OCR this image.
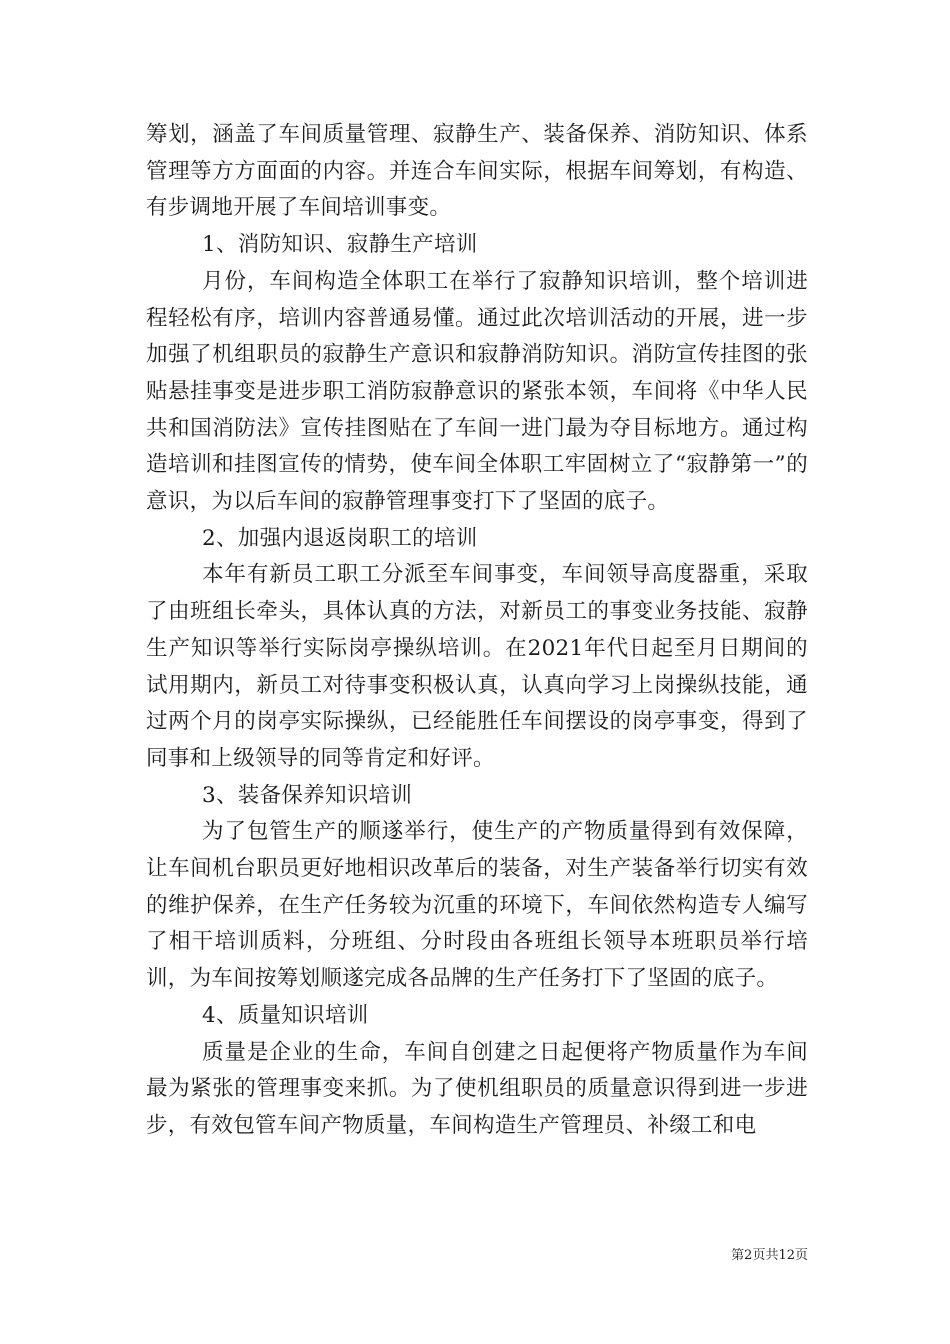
筹划，涵盖了车间质量管理、寂静生产、装备保养、消防知识、体系管理等方方面面的内容。并连合车间实际，根据车间筹划，有构造、有步调地开展了车间培训事变。

1、消防知识、寂静生产培训

月份，车间构造全体职工在举行了寂静知识培训，整个培训进程轻松有序，培训内容普通易懂。通过此次培训活动的开展，进一步加强了机组职员的寂静生产意识和寂静消防知识。消防宣传挂图的张贴悬挂事变是进步职工消防寂静意识的紧张本领，车间将《中华人民共和国消防法》宣传挂图贴在了车间一进门最为夺目标地方。通过构造培训和挂图宣传的情势，使车间全体职工牢固树立了“寂静第一”的意识，为以后车间的寂静管理事变打下了坚固的底子。

2、加强内退返岗职工的培训

本年有新员工职工分派至车间事变，车间领导高度器重，采取了由班组长牵头，具体认真的方法，对新员工的事变业务技能、寂静生产知识等举行实际岗亭操纵培训。在2021年代日起至月日期间的试用期内，新员工对待事变积极认真，认真向学习上岗操纵技能，通过两个月的岗亭实际操纵，已经能胜任车间摆设的岗亭事变，得到了同事和上级领导的同等肯定和好评。

3、装备保养知识培训

为了包管生产的顺遂举行，使生产的产物质量得到有效保障，让车间机台职员更好地相识改革后的装备，对生产装备举行切实有效的维护保养，在生产任务较为沉重的环境下，车间依然构造专人编写了相干培训质料，分班组、分时段由各班组长领导本班职员举行培训，为车间按筹划顺遂完成各品牌的生产任务打下了坚固的底子。

4、质量知识培训

质量是企业的生命，车间自创建之日起便将产物质量作为车间最为紧张的管理事变来抓。为了使机组职员的质量意识得到进一步进步，有效包管车间产物质量，车间构造生产管理员、补缀工和电

第2页共12页
